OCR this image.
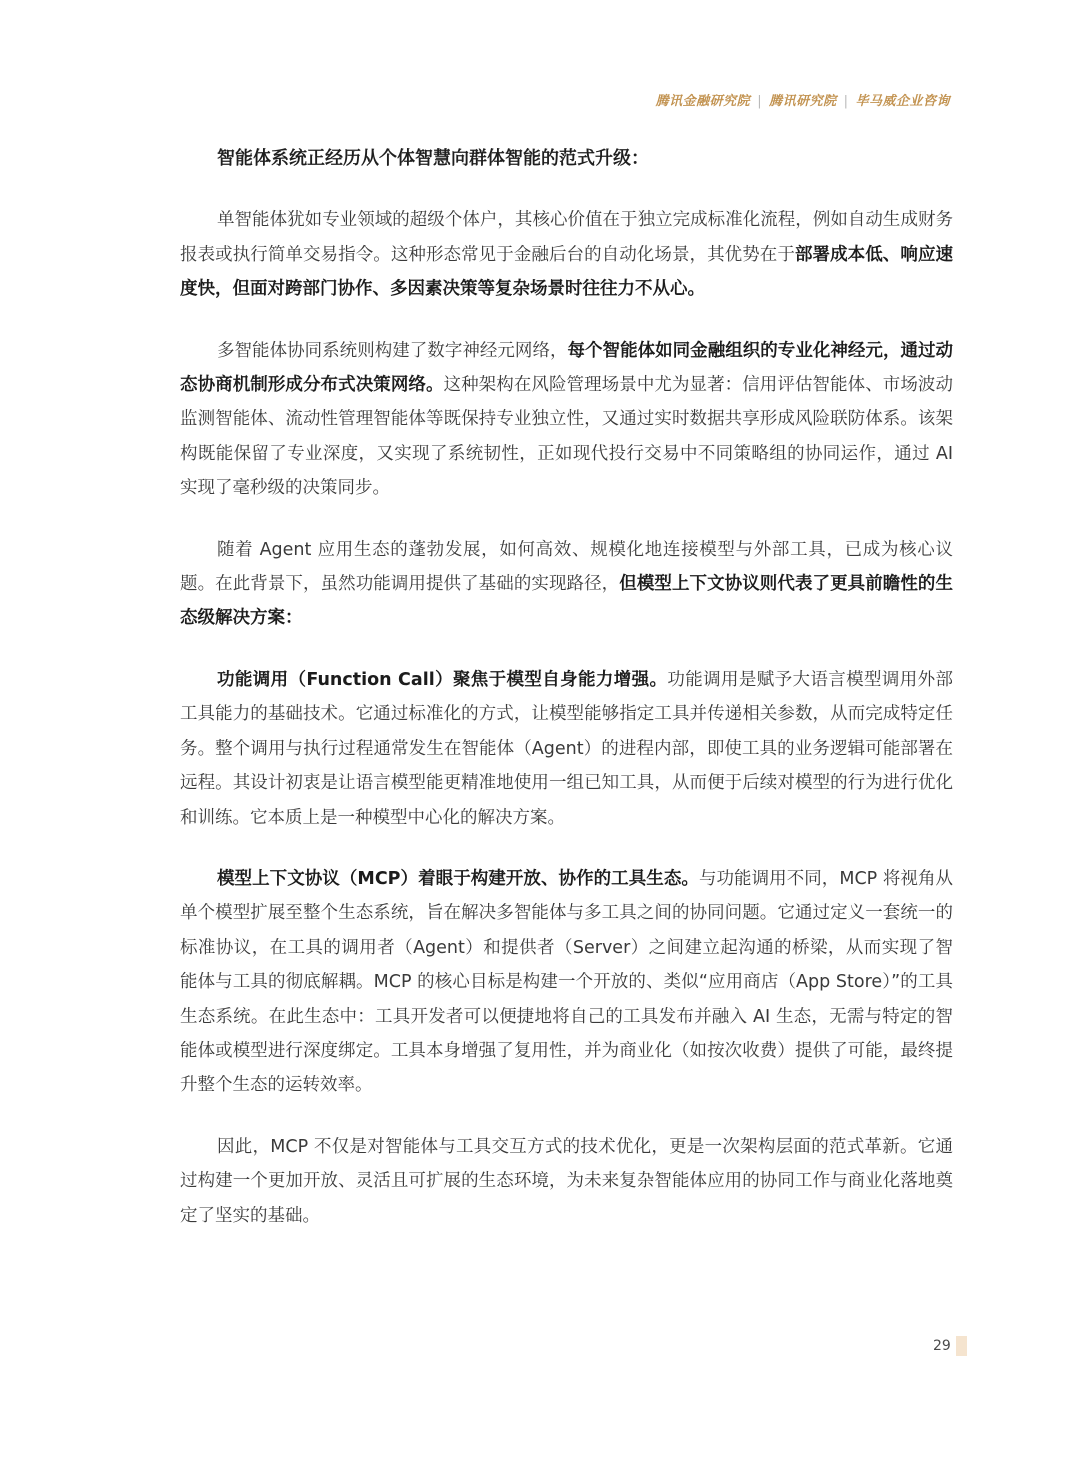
腾讯金融研究院 | 腾讯研究院 | 毕马威企业咨询
智能体系统正经历从个体智慧向群体智能的范式升级：

单智能体犹如专业领域的超级个体户，其核心价值在于独立完成标准化流程，例如自动生成财务报表或执行简单交易指令。这种形态常见于金融后台的自动化场景，其优势在于部署成本低、响应速度快，但面对跨部门协作、多因素决策等复杂场景时往往力不从心。

多智能体协同系统则构建了数字神经元网络，每个智能体如同金融组织的专业化神经元，通过动态协商机制形成分布式决策网络。这种架构在风险管理场景中尤为显著：信用评估智能体、市场波动监测智能体、流动性管理智能体等既保持专业独立性，又通过实时数据共享形成风险联防体系。该架构既能保留了专业深度，又实现了系统韧性，正如现代投行交易中不同策略组的协同运作，通过 AI 实现了毫秒级的决策同步。

随着 Agent 应用生态的蓬勃发展，如何高效、规模化地连接模型与外部工具，已成为核心议题。在此背景下，虽然功能调用提供了基础的实现路径，但模型上下文协议则代表了更具前瞻性的生态级解决方案：

功能调用（Function Call）聚焦于模型自身能力增强。功能调用是赋予大语言模型调用外部工具能力的基础技术。它通过标准化的方式，让模型能够指定工具并传递相关参数，从而完成特定任务。整个调用与执行过程通常发生在智能体（Agent）的进程内部，即使工具的业务逻辑可能部署在远程。其设计初衷是让语言模型能更精准地使用一组已知工具，从而便于后续对模型的行为进行优化和训练。它本质上是一种模型中心化的解决方案。

模型上下文协议（MCP）着眼于构建开放、协作的工具生态。与功能调用不同，MCP 将视角从单个模型扩展至整个生态系统，旨在解决多智能体与多工具之间的协同问题。它通过定义一套统一的标准协议，在工具的调用者（Agent）和提供者（Server）之间建立起沟通的桥梁，从而实现了智能体与工具的彻底解耦。MCP 的核心目标是构建一个开放的、类似“应用商店（App Store）”的工具生态系统。在此生态中：工具开发者可以便捷地将自己的工具发布并融入 AI 生态，无需与特定的智能体或模型进行深度绑定。工具本身增强了复用性，并为商业化（如按次收费）提供了可能，最终提升整个生态的运转效率。

因此，MCP 不仅是对智能体与工具交互方式的技术优化，更是一次架构层面的范式革新。它通过构建一个更加开放、灵活且可扩展的生态环境，为未来复杂智能体应用的协同工作与商业化落地奠定了坚实的基础。

29
